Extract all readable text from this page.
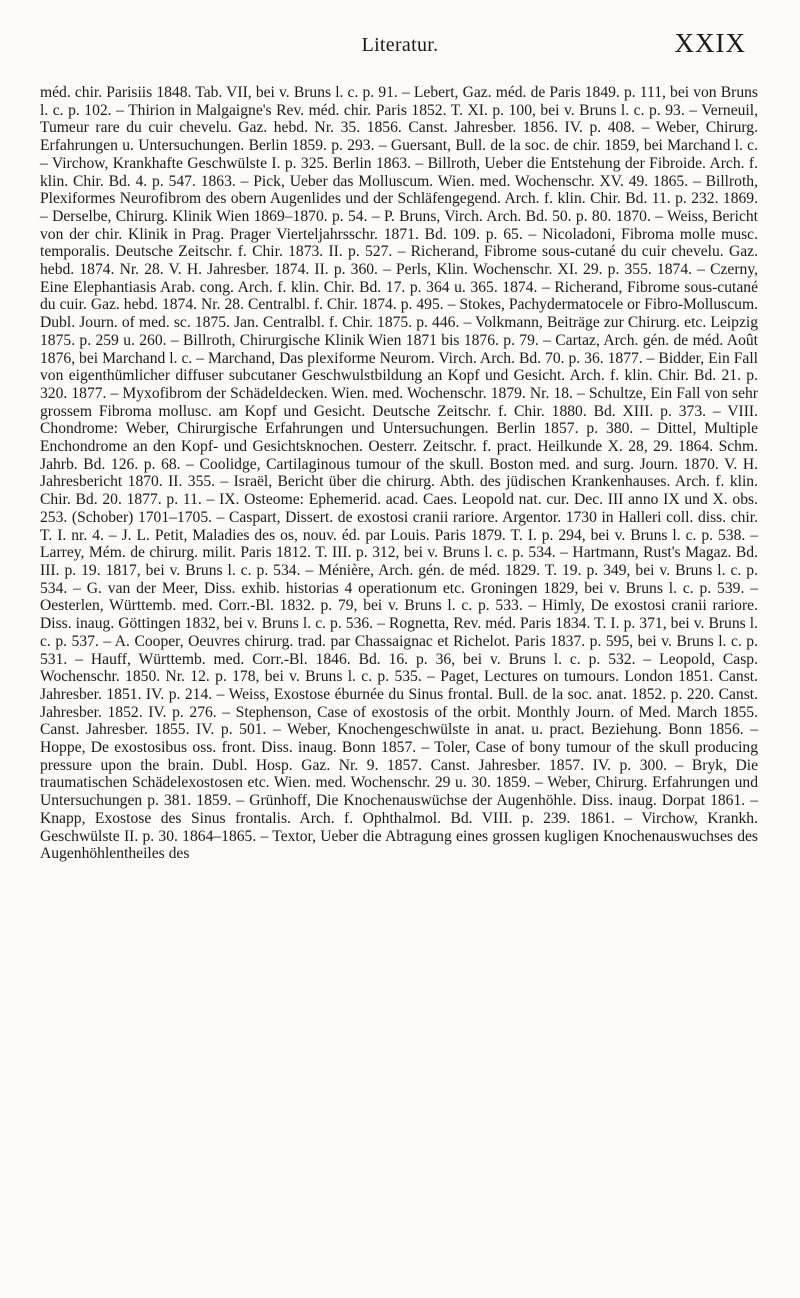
Literatur.	XXIX

méd. chir. Parisiis 1848. Tab. VII, bei v. Bruns l. c. p. 91. – Lebert, Gaz. méd. de Paris 1849. p. 111, bei von Bruns l. c. p. 102. – Thirion in Malgaigne's Rev. méd. chir. Paris 1852. T. XI. p. 100, bei v. Bruns l. c. p. 93. – Verneuil, Tumeur rare du cuir chevelu. Gaz. hebd. Nr. 35. 1856. Canst. Jahresber. 1856. IV. p. 408. – Weber, Chirurg. Erfahrungen u. Untersuchungen. Berlin 1859. p. 293. – Guersant, Bull. de la soc. de chir. 1859, bei Marchand l. c. – Virchow, Krankhafte Geschwülste I. p. 325. Berlin 1863. – Billroth, Ueber die Entstehung der Fibroide. Arch. f. klin. Chir. Bd. 4. p. 547. 1863. – Pick, Ueber das Molluscum. Wien. med. Wochenschr. XV. 49. 1865. – Billroth, Plexiformes Neurofibrom des obern Augenlides und der Schläfengegend. Arch. f. klin. Chir. Bd. 11. p. 232. 1869. – Derselbe, Chirurg. Klinik Wien 1869–1870. p. 54. – P. Bruns, Virch. Arch. Bd. 50. p. 80. 1870. – Weiss, Bericht von der chir. Klinik in Prag. Prager Vierteljahrsschr. 1871. Bd. 109. p. 65. – Nicoladoni, Fibroma molle musc. temporalis. Deutsche Zeitschr. f. Chir. 1873. II. p. 527. – Richerand, Fibrome sous-cutané du cuir chevelu. Gaz. hebd. 1874. Nr. 28. V. H. Jahresber. 1874. II. p. 360. – Perls, Klin. Wochenschr. XI. 29. p. 355. 1874. – Czerny, Eine Elephantiasis Arab. cong. Arch. f. klin. Chir. Bd. 17. p. 364 u. 365. 1874. – Richerand, Fibrome sous-cutané du cuir. Gaz. hebd. 1874. Nr. 28. Centralbl. f. Chir. 1874. p. 495. – Stokes, Pachydermatocele or Fibro-Molluscum. Dubl. Journ. of med. sc. 1875. Jan. Centralbl. f. Chir. 1875. p. 446. – Volkmann, Beiträge zur Chirurg. etc. Leipzig 1875. p. 259 u. 260. – Billroth, Chirurgische Klinik Wien 1871 bis 1876. p. 79. – Cartaz, Arch. gén. de méd. Août 1876, bei Marchand l. c. – Marchand, Das plexiforme Neurom. Virch. Arch. Bd. 70. p. 36. 1877. – Bidder, Ein Fall von eigenthümlicher diffuser subcutaner Geschwulstbildung an Kopf und Gesicht. Arch. f. klin. Chir. Bd. 21. p. 320. 1877. – Myxofibrom der Schädeldecken. Wien. med. Wochenschr. 1879. Nr. 18. – Schultze, Ein Fall von sehr grossem Fibroma mollusc. am Kopf und Gesicht. Deutsche Zeitschr. f. Chir. 1880. Bd. XIII. p. 373. – VIII. Chondrome: Weber, Chirurgische Erfahrungen und Untersuchungen. Berlin 1857. p. 380. – Dittel, Multiple Enchondrome an den Kopf- und Gesichtsknochen. Oesterr. Zeitschr. f. pract. Heilkunde X. 28, 29. 1864. Schm. Jahrb. Bd. 126. p. 68. – Coolidge, Cartilaginous tumour of the skull. Boston med. and surg. Journ. 1870. V. H. Jahresbericht 1870. II. 355. – Israël, Bericht über die chirurg. Abth. des jüdischen Krankenhauses. Arch. f. klin. Chir. Bd. 20. 1877. p. 11. – IX. Osteome: Ephemerid. acad. Caes. Leopold nat. cur. Dec. III anno IX und X. obs. 253. (Schober) 1701–1705. – Caspart, Dissert. de exostosi cranii rariore. Argentor. 1730 in Halleri coll. diss. chir. T. I. nr. 4. – J. L. Petit, Maladies des os, nouv. éd. par Louis. Paris 1879. T. I. p. 294, bei v. Bruns l. c. p. 538. – Larrey, Mém. de chirurg. milit. Paris 1812. T. III. p. 312, bei v. Bruns l. c. p. 534. – Hartmann, Rust's Magaz. Bd. III. p. 19. 1817, bei v. Bruns l. c. p. 534. – Ménière, Arch. gén. de méd. 1829. T. 19. p. 349, bei v. Bruns l. c. p. 534. – G. van der Meer, Diss. exhib. historias 4 operationum etc. Groningen 1829, bei v. Bruns l. c. p. 539. – Oesterlen, Württemb. med. Corr.-Bl. 1832. p. 79, bei v. Bruns l. c. p. 533. – Himly, De exostosi cranii rariore. Diss. inaug. Göttingen 1832, bei v. Bruns l. c. p. 536. – Rognetta, Rev. méd. Paris 1834. T. I. p. 371, bei v. Bruns l. c. p. 537. – A. Cooper, Oeuvres chirurg. trad. par Chassaignac et Richelot. Paris 1837. p. 595, bei v. Bruns l. c. p. 531. – Hauff, Württemb. med. Corr.-Bl. 1846. Bd. 16. p. 36, bei v. Bruns l. c. p. 532. – Leopold, Casp. Wochenschr. 1850. Nr. 12. p. 178, bei v. Bruns l. c. p. 535. – Paget, Lectures on tumours. London 1851. Canst. Jahresber. 1851. IV. p. 214. – Weiss, Exostose éburnée du Sinus frontal. Bull. de la soc. anat. 1852. p. 220. Canst. Jahresber. 1852. IV. p. 276. – Stephenson, Case of exostosis of the orbit. Monthly Journ. of Med. March 1855. Canst. Jahresber. 1855. IV. p. 501. – Weber, Knochengeschwülste in anat. u. pract. Beziehung. Bonn 1856. – Hoppe, De exostosibus oss. front. Diss. inaug. Bonn 1857. – Toler, Case of bony tumour of the skull producing pressure upon the brain. Dubl. Hosp. Gaz. Nr. 9. 1857. Canst. Jahresber. 1857. IV. p. 300. – Bryk, Die traumatischen Schädelexostosen etc. Wien. med. Wochenschr. 29 u. 30. 1859. – Weber, Chirurg. Erfahrungen und Untersuchungen p. 381. 1859. – Grünhoff, Die Knochenauswüchse der Augenhöhle. Diss. inaug. Dorpat 1861. – Knapp, Exostose des Sinus frontalis. Arch. f. Ophthalmol. Bd. VIII. p. 239. 1861. – Virchow, Krankh. Geschwülste II. p. 30. 1864–1865. – Textor, Ueber die Abtragung eines grossen kugligen Knochenauswuchses des Augenhöhlentheiles des
